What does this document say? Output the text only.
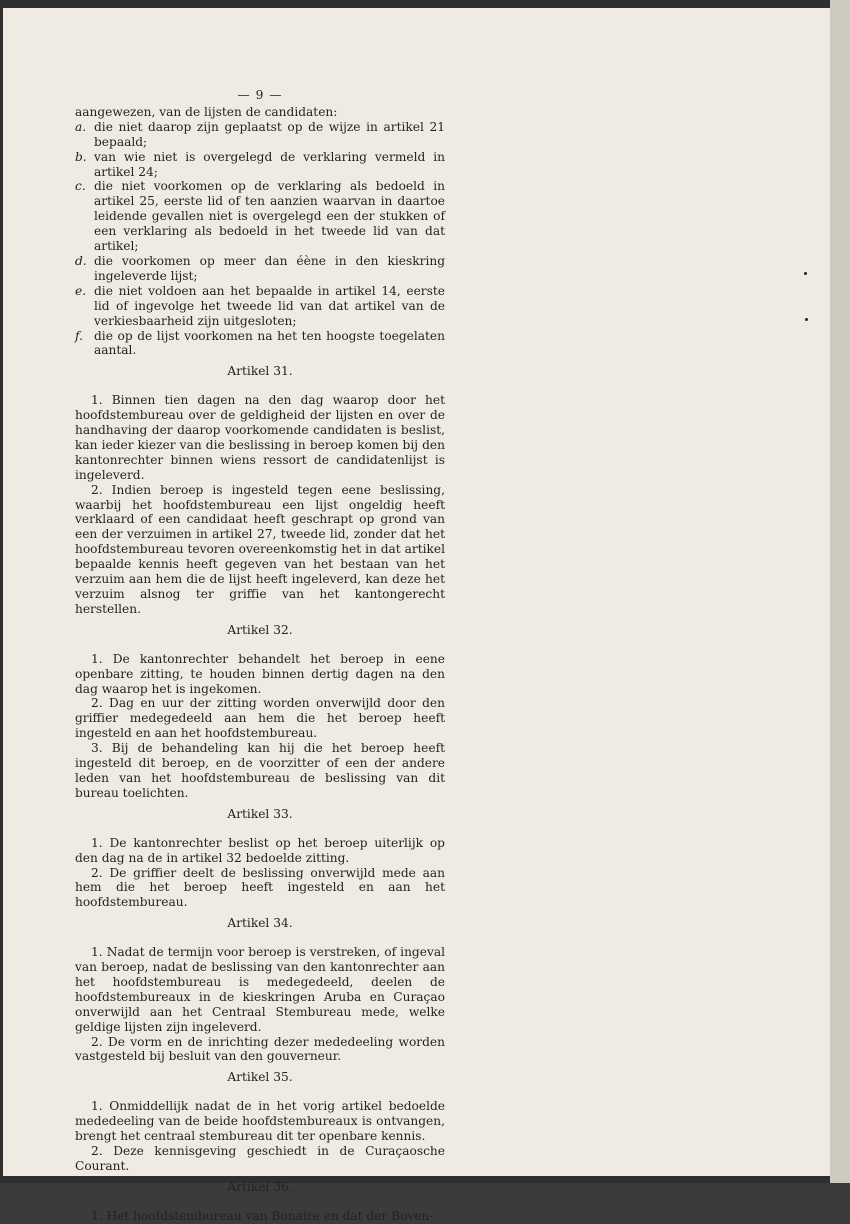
— 9 —

aangewezen, van de lijsten de candidaten:

a. die niet daarop zijn geplaatst op de wijze in artikel 21 bepaald;
b. van wie niet is overgelegd de verklaring vermeld in artikel 24;
c. die niet voorkomen op de verklaring als bedoeld in artikel 25, eerste lid of ten aanzien waarvan in daartoe leidende gevallen niet is overgelegd een der stukken of een verklaring als bedoeld in het tweede lid van dat artikel;
d. die voorkomen op meer dan éène in den kieskring ingeleverde lijst;
e. die niet voldoen aan het bepaalde in artikel 14, eerste lid of ingevolge het tweede lid van dat artikel van de verkiesbaarheid zijn uitgesloten;
f. die op de lijst voorkomen na het ten hoogste toegelaten aantal.
Artikel 31.

1. Binnen tien dagen na den dag waarop door het hoofdstembureau over de geldigheid der lijsten en over de handhaving der daarop voorkomende candidaten is beslist, kan ieder kiezer van die beslissing in beroep komen bij den kantonrechter binnen wiens ressort de candidatenlijst is ingeleverd.

2. Indien beroep is ingesteld tegen eene beslissing, waarbij het hoofdstembureau een lijst ongeldig heeft verklaard of een candidaat heeft geschrapt op grond van een der verzuimen in artikel 27, tweede lid, zonder dat het hoofdstembureau tevoren overeenkomstig het in dat artikel bepaalde kennis heeft gegeven van het bestaan van het verzuim aan hem die de lijst heeft ingeleverd, kan deze het verzuim alsnog ter griffie van het kantongerecht herstellen.

Artikel 32.

1. De kantonrechter behandelt het beroep in eene openbare zitting, te houden binnen dertig dagen na den dag waarop het is ingekomen.

2. Dag en uur der zitting worden onverwijld door den griffier medegedeeld aan hem die het beroep heeft ingesteld en aan het hoofdstembureau.

3. Bij de behandeling kan hij die het beroep heeft ingesteld dit beroep, en de voorzitter of een der andere leden van het hoofdstembureau de beslissing van dit bureau toelichten.

Artikel 33.

1. De kantonrechter beslist op het beroep uiterlijk op den dag na de in artikel 32 bedoelde zitting.

2. De griffier deelt de beslissing onverwijld mede aan hem die het beroep heeft ingesteld en aan het hoofdstembureau.

Artikel 34.

1. Nadat de termijn voor beroep is verstreken, of ingeval van beroep, nadat de beslissing van den kantonrechter aan het hoofdstembureau is medegedeeld, deelen de hoofdstembureaux in de kieskringen Aruba en Curaçao onverwijld aan het Centraal Stembureau mede, welke geldige lijsten zijn ingeleverd.

2. De vorm en de inrichting dezer mededeeling worden vastgesteld bij besluit van den gouverneur.

Artikel 35.

1. Onmiddellijk nadat de in het vorig artikel bedoelde mededeeling van de beide hoofdstembureaux is ontvangen, brengt het centraal stembureau dit ter openbare kennis.

2. Deze kennisgeving geschiedt in de Curaçaosche Courant.

Artikel 36.

1. Het hoofdstembureau van Bonaire en dat der Boven-
